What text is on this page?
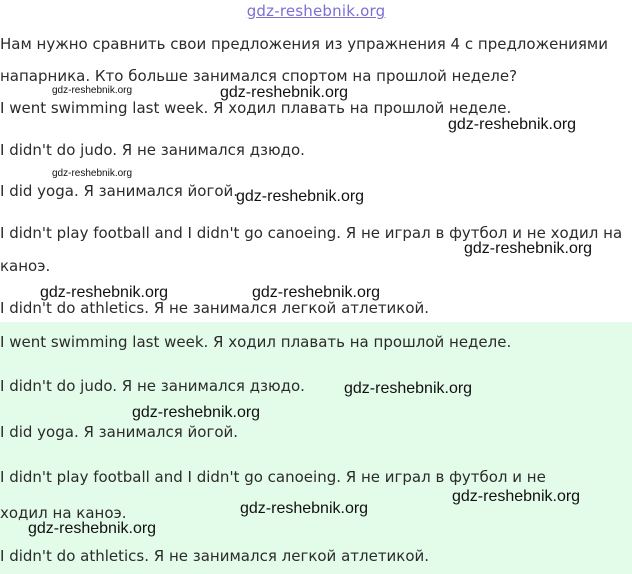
gdz-reshebnik.org

Нам нужно сравнить свои предложения из упражнения 4 с предложениями

напарника. Кто больше занимался спортом на прошлой неделе?

I went swimming last week. Я ходил плавать на прошлой неделе.

I didn't do judo. Я не занимался дзюдо.

I did yoga. Я занимался йогой.

I didn't play football and I didn't go canoeing. Я не играл в футбол и не ходил на

каноэ.

I didn't do athletics. Я не занимался легкой атлетикой.

I went swimming last week. Я ходил плавать на прошлой неделе.

I didn't do judo. Я не занимался дзюдо.

I did yoga. Я занимался йогой.

I didn't play football and I didn't go canoeing. Я не играл в футбол и не

ходил на каноэ.

I didn't do athletics. Я не занимался легкой атлетикой.

gdz-reshebnik.org	gdz-reshebnik.org
gdz-reshebnik.org
gdz-reshebnik.org
gdz-reshebnik.org
gdz-reshebnik.org
gdz-reshebnik.org	gdz-reshebnik.org
gdz-reshebnik.org
gdz-reshebnik.org
gdz-reshebnik.org
gdz-reshebnik.org
gdz-reshebnik.org
